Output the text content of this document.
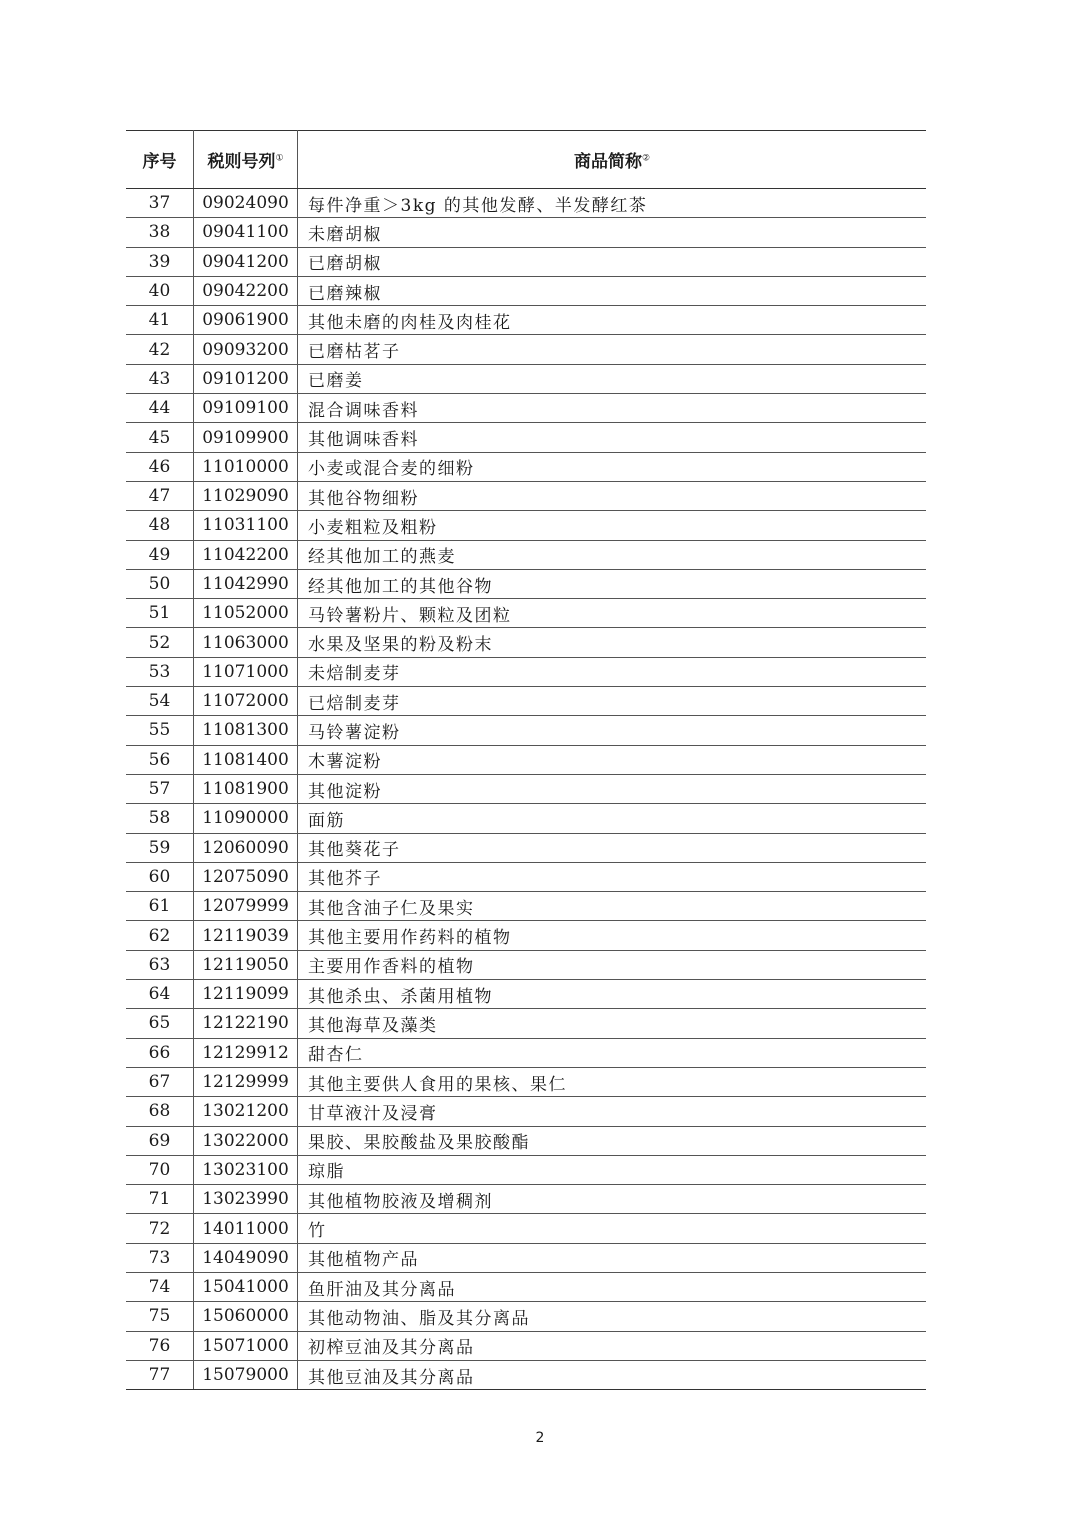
序号	税则号列①	商品简称②
37	09024090	每件净重＞3kg 的其他发酵、半发酵红茶
38	09041100	未磨胡椒
39	09041200	已磨胡椒
40	09042200	已磨辣椒
41	09061900	其他未磨的肉桂及肉桂花
42	09093200	已磨枯茗子
43	09101200	已磨姜
44	09109100	混合调味香料
45	09109900	其他调味香料
46	11010000	小麦或混合麦的细粉
47	11029090	其他谷物细粉
48	11031100	小麦粗粒及粗粉
49	11042200	经其他加工的燕麦
50	11042990	经其他加工的其他谷物
51	11052000	马铃薯粉片、颗粒及团粒
52	11063000	水果及坚果的粉及粉末
53	11071000	未焙制麦芽
54	11072000	已焙制麦芽
55	11081300	马铃薯淀粉
56	11081400	木薯淀粉
57	11081900	其他淀粉
58	11090000	面筋
59	12060090	其他葵花子
60	12075090	其他芥子
61	12079999	其他含油子仁及果实
62	12119039	其他主要用作药料的植物
63	12119050	主要用作香料的植物
64	12119099	其他杀虫、杀菌用植物
65	12122190	其他海草及藻类
66	12129912	甜杏仁
67	12129999	其他主要供人食用的果核、果仁
68	13021200	甘草液汁及浸膏
69	13022000	果胶、果胶酸盐及果胶酸酯
70	13023100	琼脂
71	13023990	其他植物胶液及增稠剂
72	14011000	竹
73	14049090	其他植物产品
74	15041000	鱼肝油及其分离品
75	15060000	其他动物油、脂及其分离品
76	15071000	初榨豆油及其分离品
77	15079000	其他豆油及其分离品
2
